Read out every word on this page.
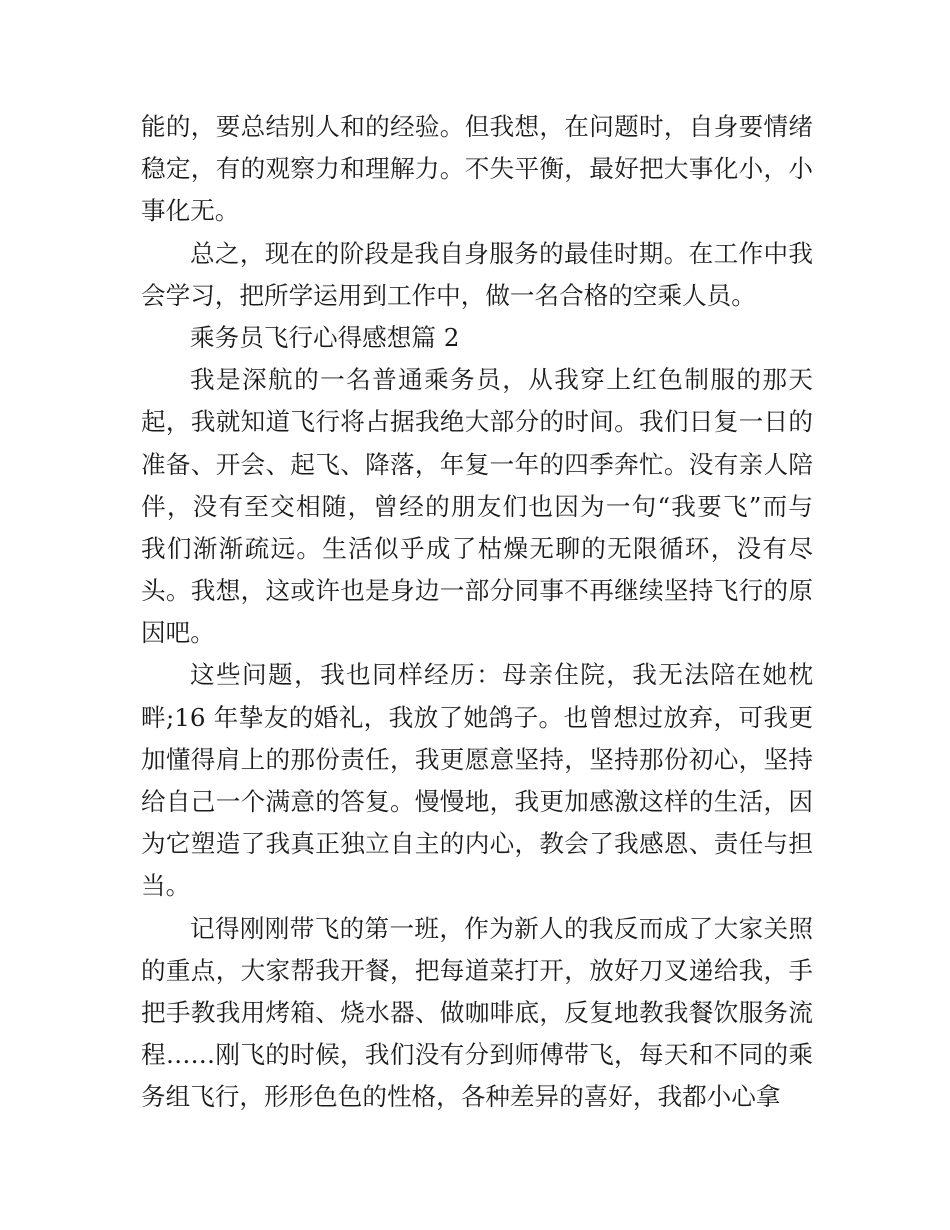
能的，要总结别人和的经验。但我想，在问题时，自身要情绪
稳定，有的观察力和理解力。不失平衡，最好把大事化小，小
事化无。
总之，现在的阶段是我自身服务的最佳时期。在工作中我
会学习，把所学运用到工作中，做一名合格的空乘人员。
乘务员飞行心得感想篇 2
我是深航的一名普通乘务员，从我穿上红色制服的那天
起，我就知道飞行将占据我绝大部分的时间。我们日复一日的
准备、开会、起飞、降落，年复一年的四季奔忙。没有亲人陪
伴，没有至交相随，曾经的朋友们也因为一句“我要飞”而与
我们渐渐疏远。生活似乎成了枯燥无聊的无限循环，没有尽
头。我想，这或许也是身边一部分同事不再继续坚持飞行的原
因吧。
这些问题，我也同样经历：母亲住院，我无法陪在她枕
畔;16 年挚友的婚礼，我放了她鸽子。也曾想过放弃，可我更
加懂得肩上的那份责任，我更愿意坚持，坚持那份初心，坚持
给自己一个满意的答复。慢慢地，我更加感激这样的生活，因
为它塑造了我真正独立自主的内心，教会了我感恩、责任与担
当。
记得刚刚带飞的第一班，作为新人的我反而成了大家关照
的重点，大家帮我开餐，把每道菜打开，放好刀叉递给我，手
把手教我用烤箱、烧水器、做咖啡底，反复地教我餐饮服务流
程……刚飞的时候，我们没有分到师傅带飞，每天和不同的乘
务组飞行，形形色色的性格，各种差异的喜好，我都小心拿
